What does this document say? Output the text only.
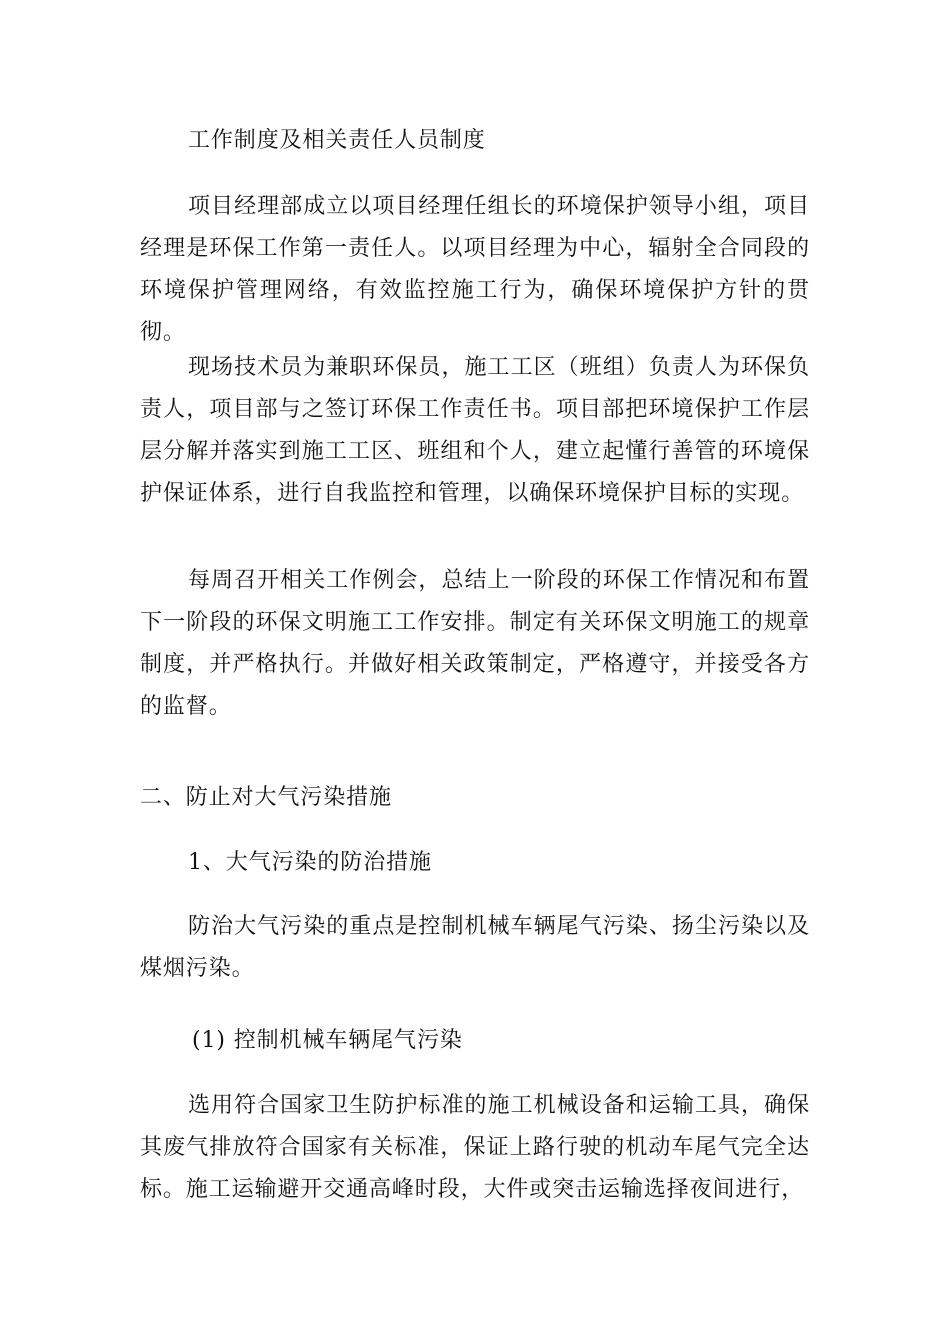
工作制度及相关责任人员制度

项目经理部成立以项目经理任组长的环境保护领导小组，项目经理是环保工作第一责任人。以项目经理为中心，辐射全合同段的环境保护管理网络，有效监控施工行为，确保环境保护方针的贯彻。

现场技术员为兼职环保员，施工工区（班组）负责人为环保负责人，项目部与之签订环保工作责任书。项目部把环境保护工作层层分解并落实到施工工区、班组和个人，建立起懂行善管的环境保护保证体系，进行自我监控和管理，以确保环境保护目标的实现。

每周召开相关工作例会，总结上一阶段的环保工作情况和布置下一阶段的环保文明施工工作安排。制定有关环保文明施工的规章制度，并严格执行。并做好相关政策制定，严格遵守，并接受各方的监督。

二、防止对大气污染措施

1、大气污染的防治措施

防治大气污染的重点是控制机械车辆尾气污染、扬尘污染以及煤烟污染。

(1) 控制机械车辆尾气污染

选用符合国家卫生防护标准的施工机械设备和运输工具，确保其废气排放符合国家有关标准，保证上路行驶的机动车尾气完全达标。施工运输避开交通高峰时段，大件或突击运输选择夜间进行，
